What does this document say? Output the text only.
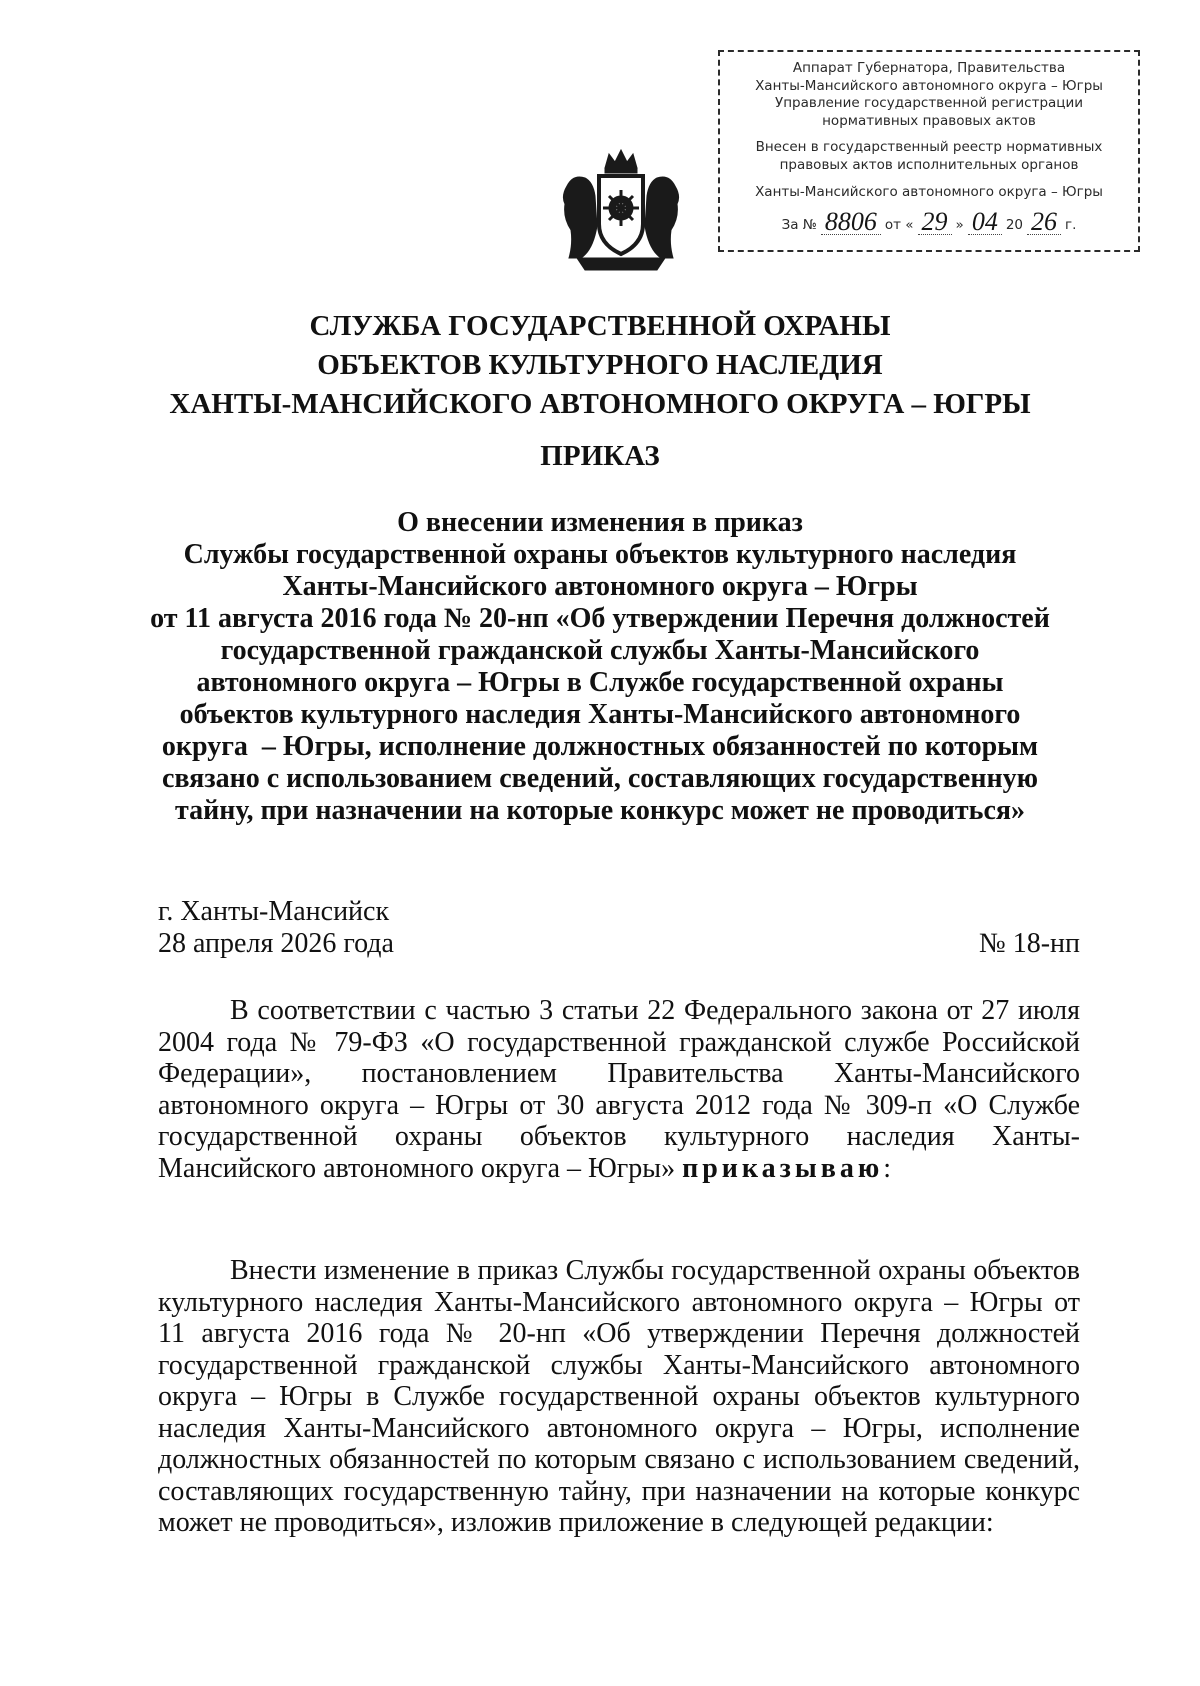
Аппарат Губернатора, Правительства
Ханты-Мансийского автономного округа – Югры
Управление государственной регистрации
нормативных правовых актов
Внесен в государственный реестр нормативных
правовых актов исполнительных органов
Ханты-Мансийского автономного округа – Югры
За № 8806 от « 29 » 04 20 26 г.
СЛУЖБА ГОСУДАРСТВЕННОЙ ОХРАНЫ
ОБЪЕКТОВ КУЛЬТУРНОГО НАСЛЕДИЯ
ХАНТЫ-МАНСИЙСКОГО АВТОНОМНОГО ОКРУГА – ЮГРЫ
ПРИКАЗ
О внесении изменения в приказ
Службы государственной охраны объектов культурного наследия
Ханты-Мансийского автономного округа – Югры
от 11 августа 2016 года № 20-нп «Об утверждении Перечня должностей
государственной гражданской службы Ханты-Мансийского
автономного округа – Югры в Службе государственной охраны
объектов культурного наследия Ханты-Мансийского автономного
округа  – Югры, исполнение должностных обязанностей по которым
связано с использованием сведений, составляющих государственную
тайну, при назначении на которые конкурс может не проводиться»
г. Ханты-Мансийск
28 апреля 2026 года	№ 18-нп
В соответствии с частью 3 статьи 22 Федерального закона от 27 июля 2004 года № 79-ФЗ «О государственной гражданской службе Российской Федерации», постановлением Правительства Ханты-Мансийского автономного округа – Югры от 30 августа 2012 года № 309-п «О Службе государственной охраны объектов культурного наследия Ханты-Мансийского автономного округа – Югры» приказываю:
Внести изменение в приказ Службы государственной охраны объектов культурного наследия Ханты-Мансийского автономного округа – Югры от 11 августа 2016 года № 20-нп «Об утверждении Перечня должностей государственной гражданской службы Ханты-Мансийского автономного округа – Югры в Службе государственной охраны объектов культурного наследия Ханты-Мансийского автономного округа – Югры, исполнение должностных обязанностей по которым связано с использованием сведений, составляющих государственную тайну, при назначении на которые конкурс может не проводиться», изложив приложение в следующей редакции:
